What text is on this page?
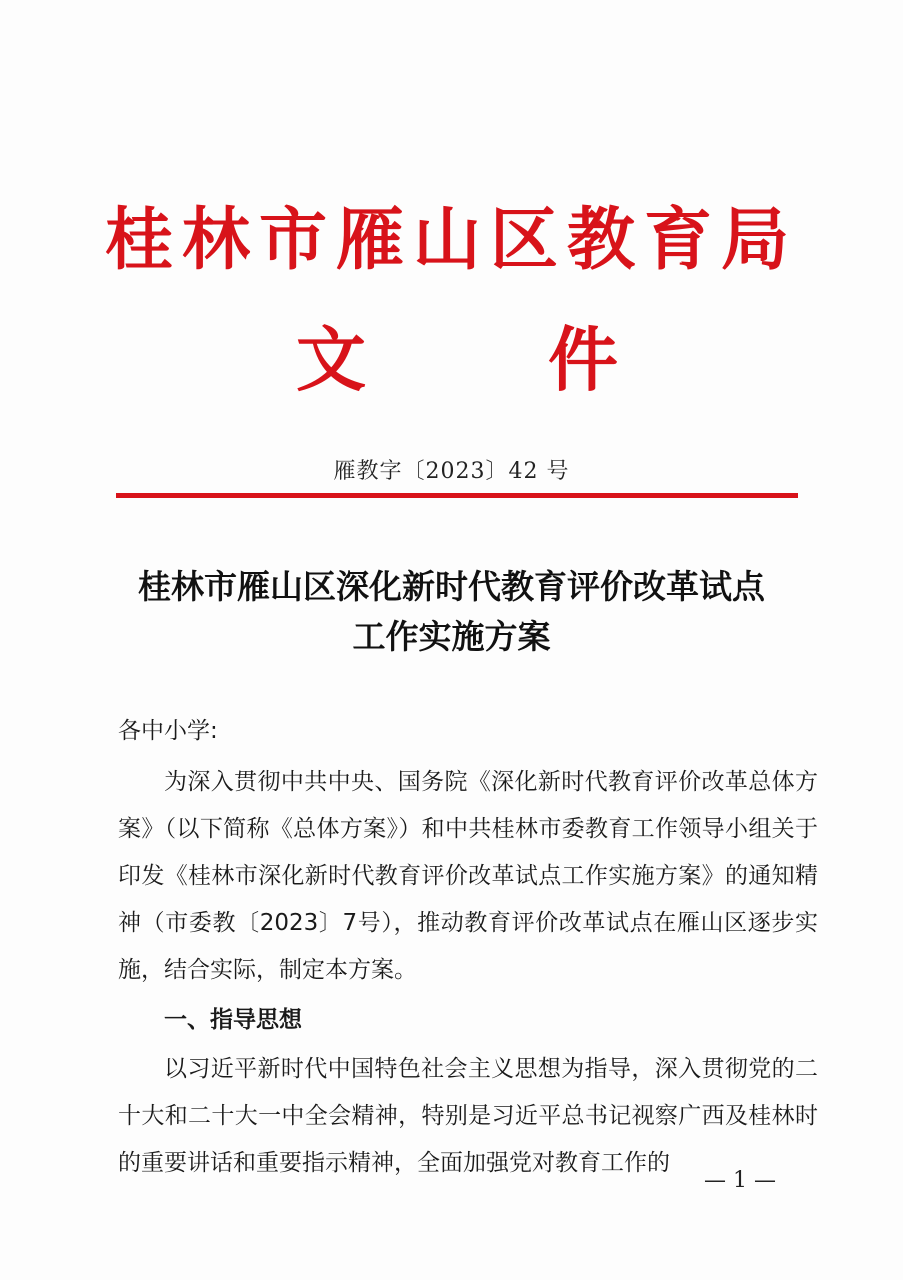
桂林市雁山区教育局
文	件
雁教字〔2023〕42 号
桂林市雁山区深化新时代教育评价改革试点
工作实施方案

各中小学:

为深入贯彻中共中央、国务院《深化新时代教育评价改革总体方案》（以下简称《总体方案》）和中共桂林市委教育工作领导小组关于印发《桂林市深化新时代教育评价改革试点工作实施方案》的通知精神（市委教〔2023〕7号），推动教育评价改革试点在雁山区逐步实施，结合实际，制定本方案。

一、指导思想

以习近平新时代中国特色社会主义思想为指导，深入贯彻党的二十大和二十大一中全会精神，特别是习近平总书记视察广西及桂林时的重要讲话和重要指示精神，全面加强党对教育工作的

— 1 —
